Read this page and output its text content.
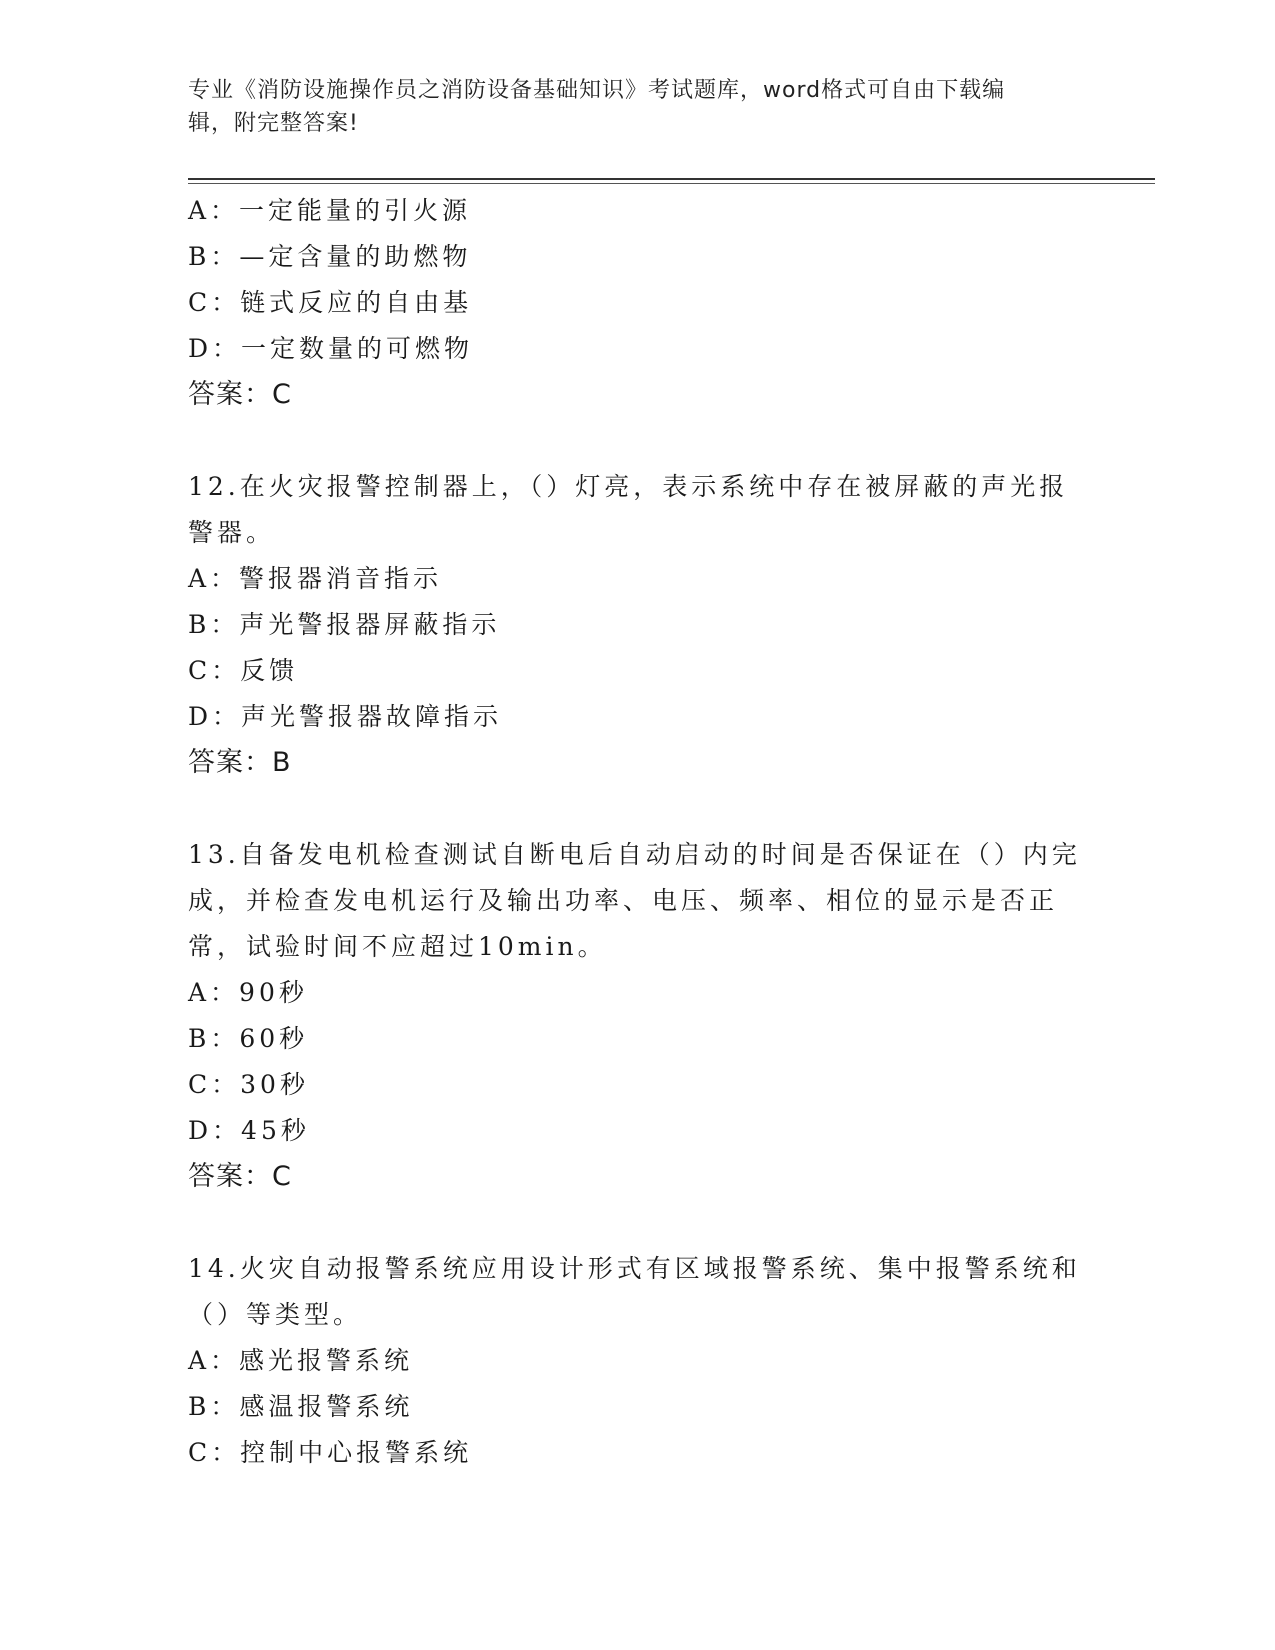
专业《消防设施操作员之消防设备基础知识》考试题库，word格式可自由下载编
辑，附完整答案!
A：一定能量的引火源
B：—定含量的助燃物
C：链式反应的自由基
D：一定数量的可燃物
答案：C
12.在火灾报警控制器上，（）灯亮，表示系统中存在被屏蔽的声光报
警器。
A：警报器消音指示
B：声光警报器屏蔽指示
C：反馈
D：声光警报器故障指示
答案：B
13.自备发电机检查测试自断电后自动启动的时间是否保证在（）内完
成，并检查发电机运行及输出功率、电压、频率、相位的显示是否正
常，试验时间不应超过10min。
A：90秒
B：60秒
C：30秒
D：45秒
答案：C
14.火灾自动报警系统应用设计形式有区域报警系统、集中报警系统和
（）等类型。
A：感光报警系统
B：感温报警系统
C：控制中心报警系统
